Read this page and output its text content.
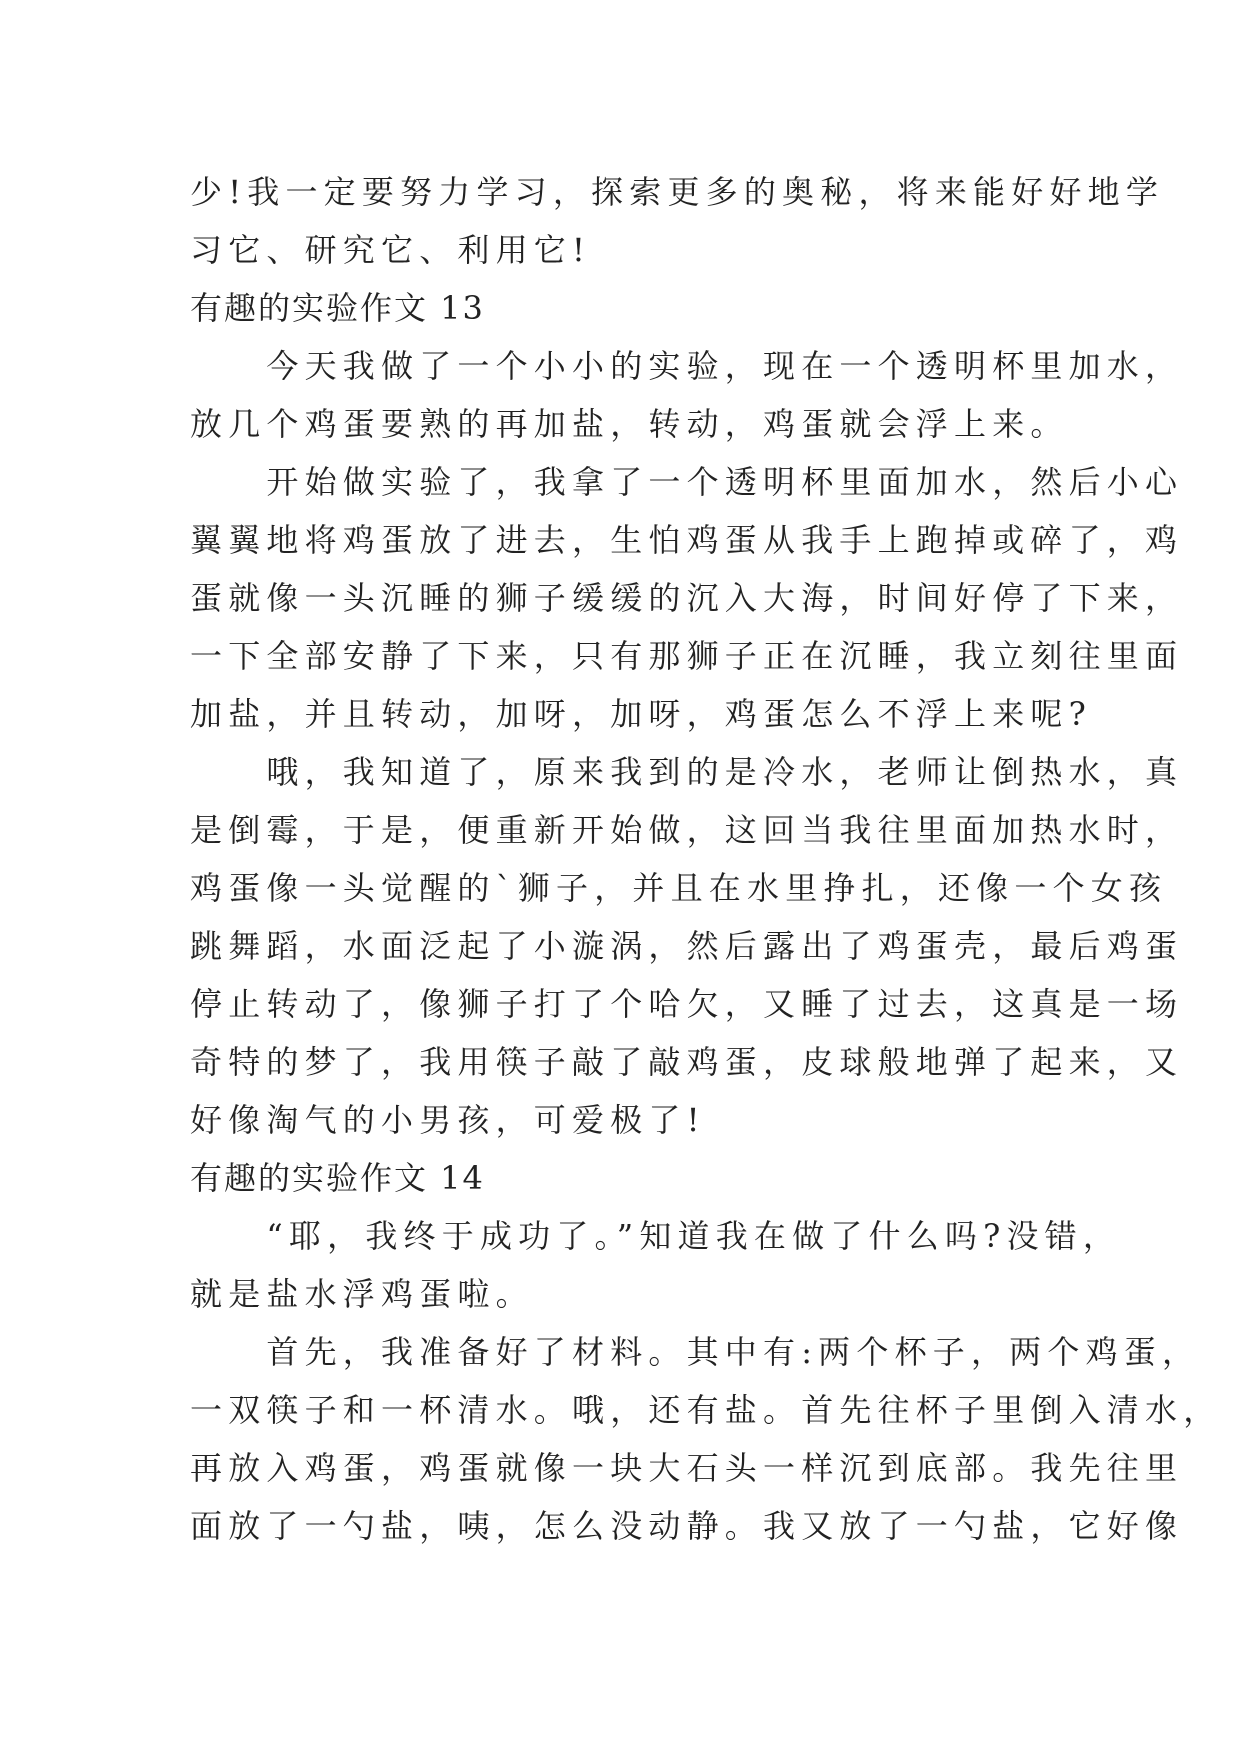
少!我一定要努力学习，探索更多的奥秘，将来能好好地学
习它、研究它、利用它!
有趣的实验作文 13
　　今天我做了一个小小的实验，现在一个透明杯里加水，
放几个鸡蛋要熟的再加盐，转动，鸡蛋就会浮上来。
　　开始做实验了，我拿了一个透明杯里面加水，然后小心
翼翼地将鸡蛋放了进去，生怕鸡蛋从我手上跑掉或碎了，鸡
蛋就像一头沉睡的狮子缓缓的沉入大海，时间好停了下来，
一下全部安静了下来，只有那狮子正在沉睡，我立刻往里面
加盐，并且转动，加呀，加呀，鸡蛋怎么不浮上来呢?
　　哦，我知道了，原来我到的是冷水，老师让倒热水，真
是倒霉，于是，便重新开始做，这回当我往里面加热水时，
鸡蛋像一头觉醒的`狮子，并且在水里挣扎，还像一个女孩
跳舞蹈，水面泛起了小漩涡，然后露出了鸡蛋壳，最后鸡蛋
停止转动了，像狮子打了个哈欠，又睡了过去，这真是一场
奇特的梦了，我用筷子敲了敲鸡蛋，皮球般地弹了起来，又
好像淘气的小男孩，可爱极了!
有趣的实验作文 14
　　“耶，我终于成功了。”知道我在做了什么吗?没错，
就是盐水浮鸡蛋啦。
　　首先，我准备好了材料。其中有:两个杯子，两个鸡蛋，
一双筷子和一杯清水。哦，还有盐。首先往杯子里倒入清水，
再放入鸡蛋，鸡蛋就像一块大石头一样沉到底部。我先往里
面放了一勺盐，咦，怎么没动静。我又放了一勺盐，它好像
